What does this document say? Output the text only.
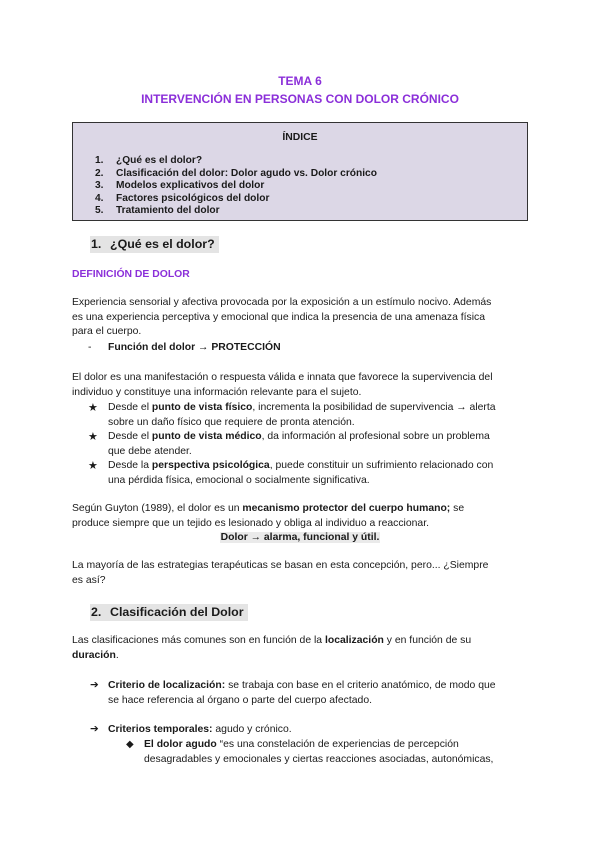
TEMA 6
INTERVENCIÓN EN PERSONAS CON DOLOR CRÓNICO
ÍNDICE
1.	¿Qué es el dolor?
2.	Clasificación del dolor: Dolor agudo vs. Dolor crónico
3.	Modelos explicativos del dolor
4.	Factores psicológicos del dolor
5.	Tratamiento del dolor
1. ¿Qué es el dolor?
DEFINICIÓN DE DOLOR

Experiencia sensorial y afectiva provocada por la exposición a un estímulo nocivo. Además

es una experiencia perceptiva y emocional que indica la presencia de una amenaza física

para el cuerpo.

-	Función del dolor → PROTECCIÓN

El dolor es una manifestación o respuesta válida e innata que favorece la supervivencia del

individuo y constituye una información relevante para el sujeto.

★ Desde el punto de vista físico, incrementa la posibilidad de supervivencia → alerta

sobre un daño físico que requiere de pronta atención.

★ Desde el punto de vista médico, da información al profesional sobre un problema

que debe atender.

★ Desde la perspectiva psicológica, puede constituir un sufrimiento relacionado con

una pérdida física, emocional o socialmente significativa.

Según Guyton (1989), el dolor es un mecanismo protector del cuerpo humano; se

produce siempre que un tejido es lesionado y obliga al individuo a reaccionar.

Dolor → alarma, funcional y útil.

La mayoría de las estrategias terapéuticas se basan en esta concepción, pero... ¿Siempre

es así?

2. Clasificación del Dolor

Las clasificaciones más comunes son en función de la localización y en función de su

duración.

➔ Criterio de localización: se trabaja con base en el criterio anatómico, de modo que

se hace referencia al órgano o parte del cuerpo afectado.

➔ Criterios temporales: agudo y crónico.

◆ El dolor agudo “es una constelación de experiencias de percepción

desagradables y emocionales y ciertas reacciones asociadas, autonómicas,
